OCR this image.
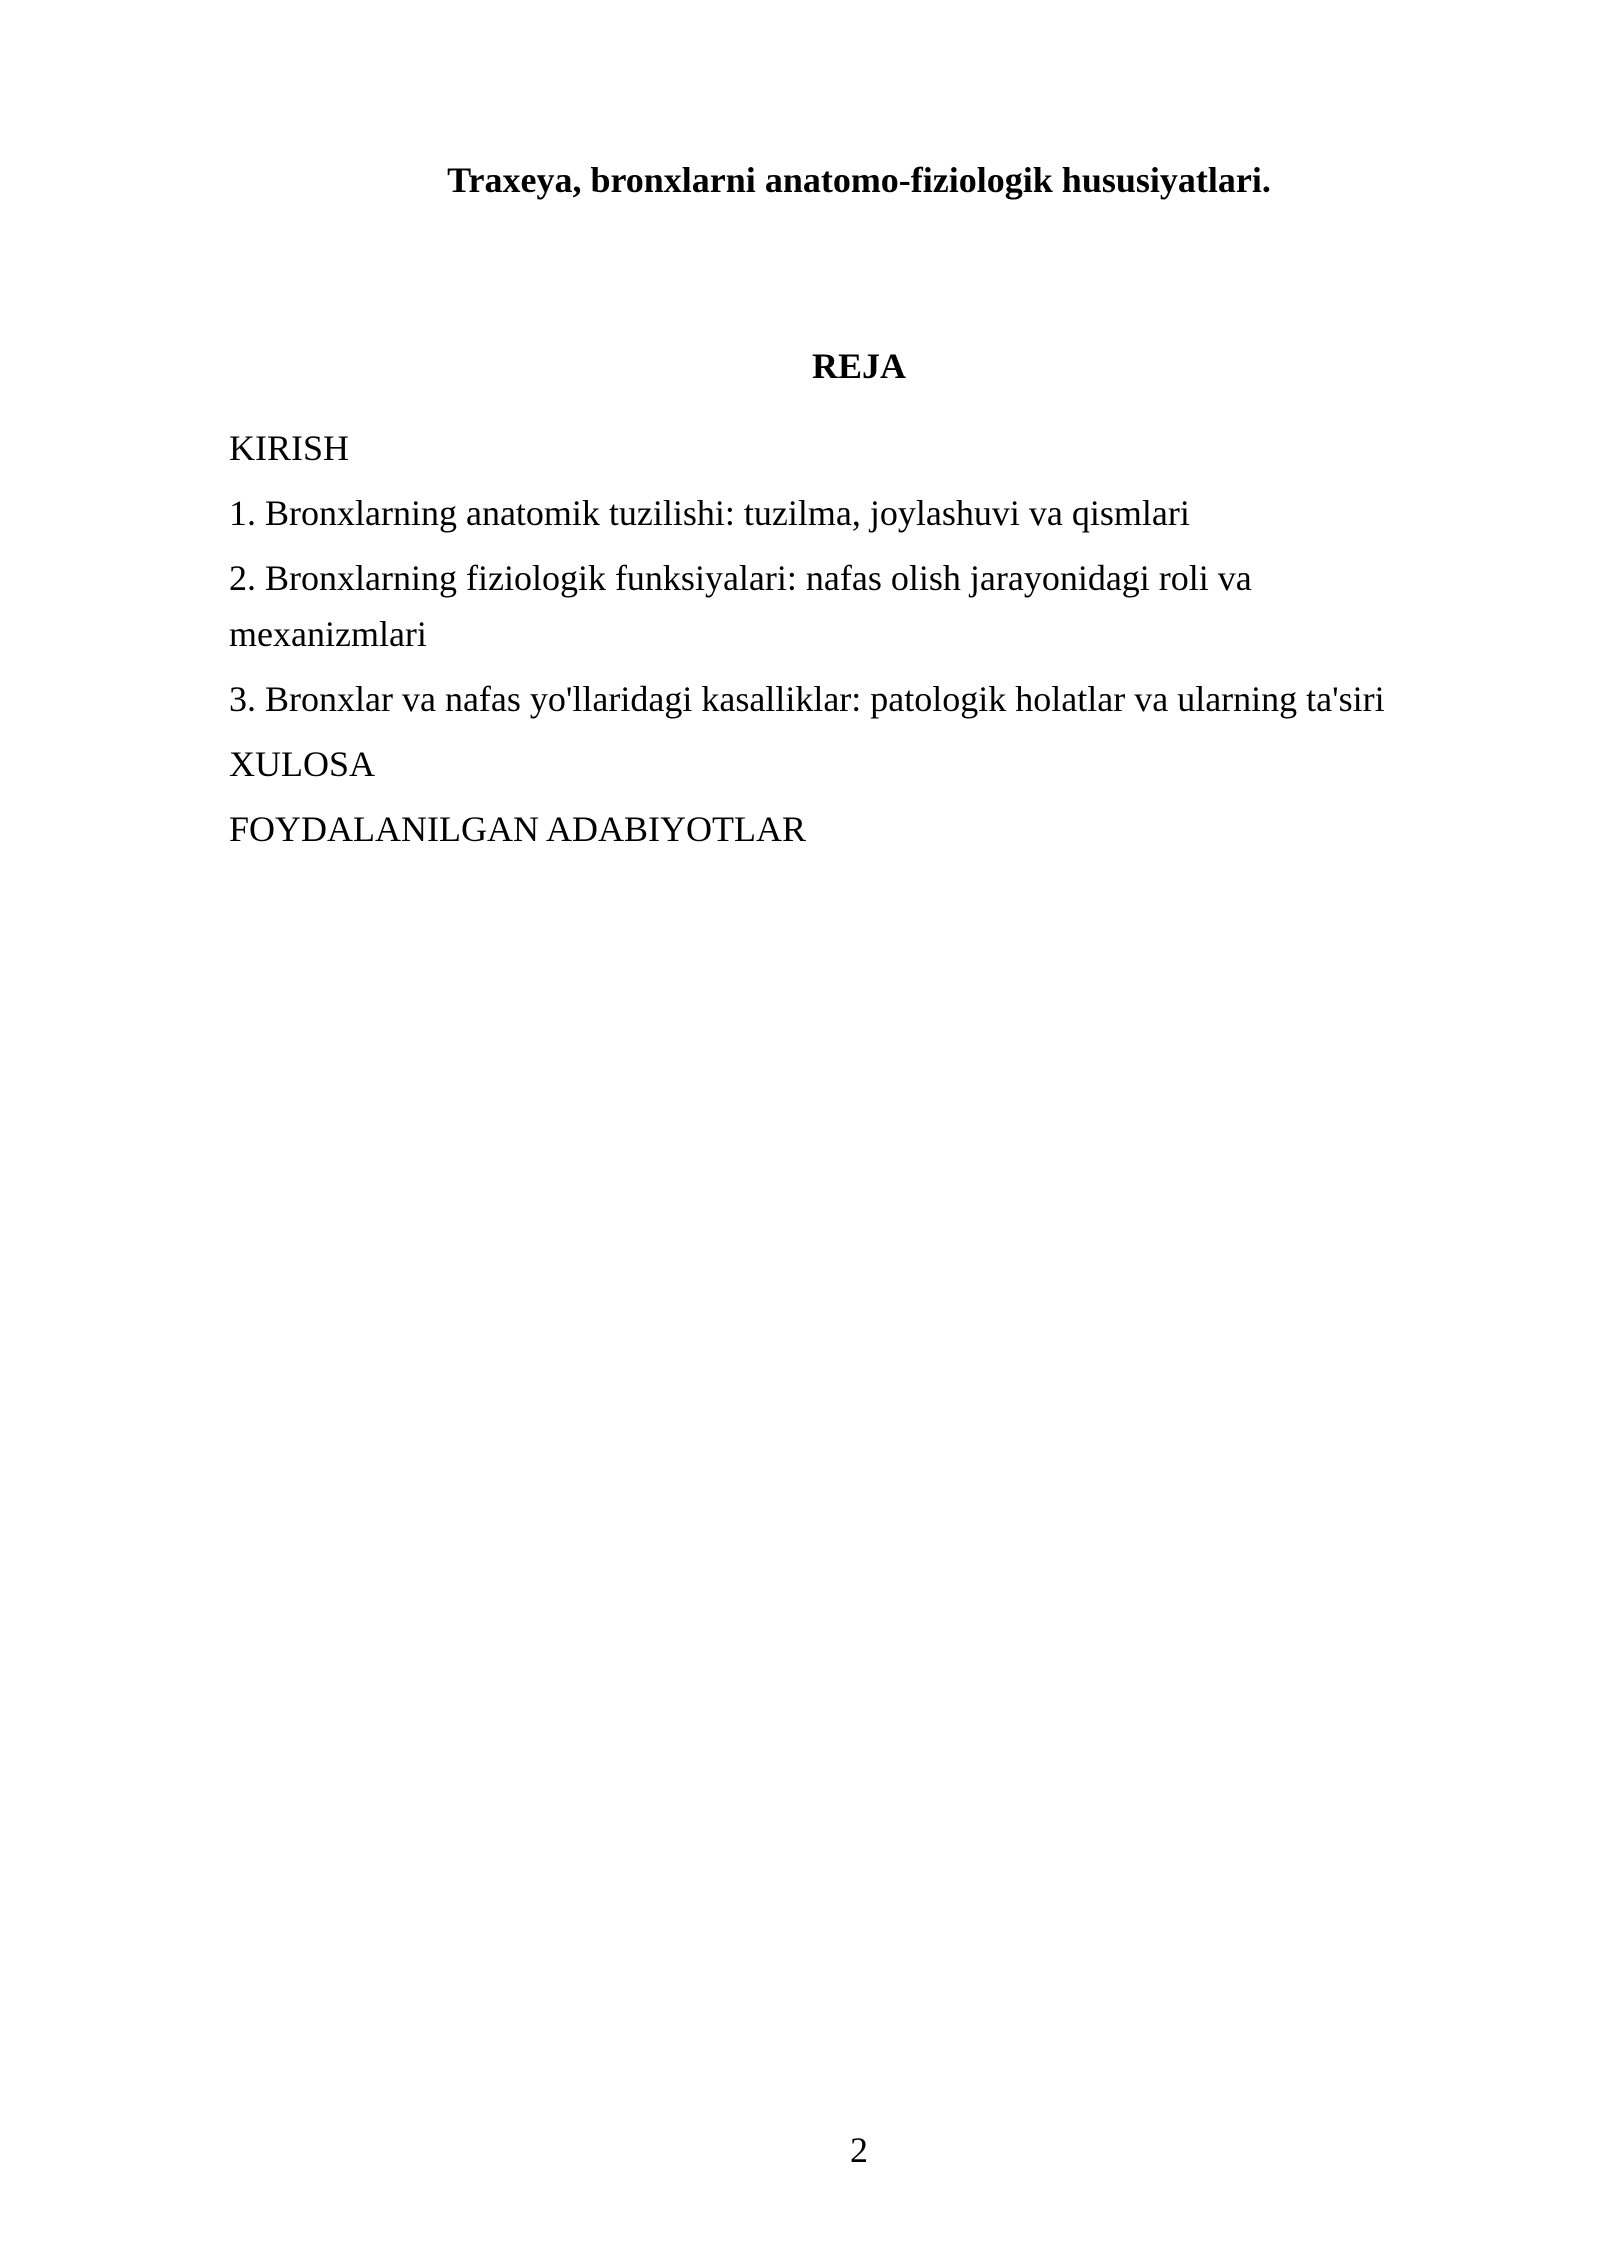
Traxeya, bronxlarni anatomo-fiziologik hususiyatlari.
REJA

KIRISH

1. Bronxlarning anatomik tuzilishi: tuzilma, joylashuvi va qismlari

2. Bronxlarning fiziologik funksiyalari: nafas olish jarayonidagi roli va mexanizmlari

3. Bronxlar va nafas yo'llaridagi kasalliklar: patologik holatlar va ularning ta'siri

XULOSA

FOYDALANILGAN ADABIYOTLAR

2
